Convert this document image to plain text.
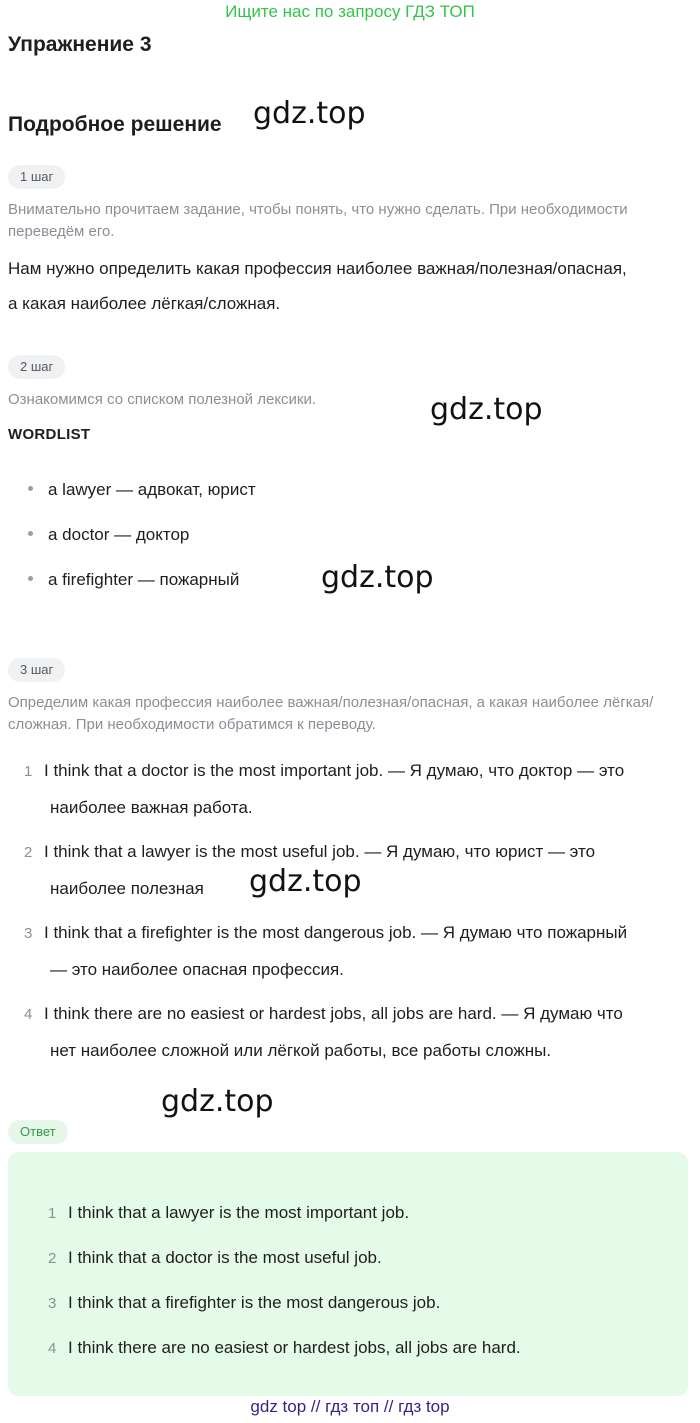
Ищите нас по запросу ГДЗ ТОП
Упражнение 3
Подробное решение gdz.top
gdz.top
gdz.top
gdz.top
gdz.top
1 шаг
Внимательно прочитаем задание, чтобы понять, что нужно сделать. При необходимости переведём его.
Нам нужно определить какая профессия наиболее важная/полезная/опасная,
а какая наиболее лёгкая/сложная.
2 шаг
Ознакомимся со списком полезной лексики.
WORDLIST
a lawyer — адвокат, юрист
a doctor — доктор
a firefighter — пожарный
3 шаг
Определим какая профессия наиболее важная/полезная/опасная, а какая наиболее лёгкая/сложная. При необходимости обратимся к переводу.
1 I think that a doctor is the most important job. — Я думаю, что доктор — это
наиболее важная работа.
2 I think that a lawyer is the most useful job. — Я думаю, что юрист — это
наиболее полезная
3 I think that a firefighter is the most dangerous job. — Я думаю что пожарный
— это наиболее опасная профессия.
4 I think there are no easiest or hardest jobs, all jobs are hard. — Я думаю что
нет наиболее сложной или лёгкой работы, все работы сложны.
Ответ
1 I think that a lawyer is the most important job.
2 I think that a doctor is the most useful job.
3 I think that a firefighter is the most dangerous job.
4 I think there are no easiest or hardest jobs, all jobs are hard.
gdz top // гдз топ // гдз top
